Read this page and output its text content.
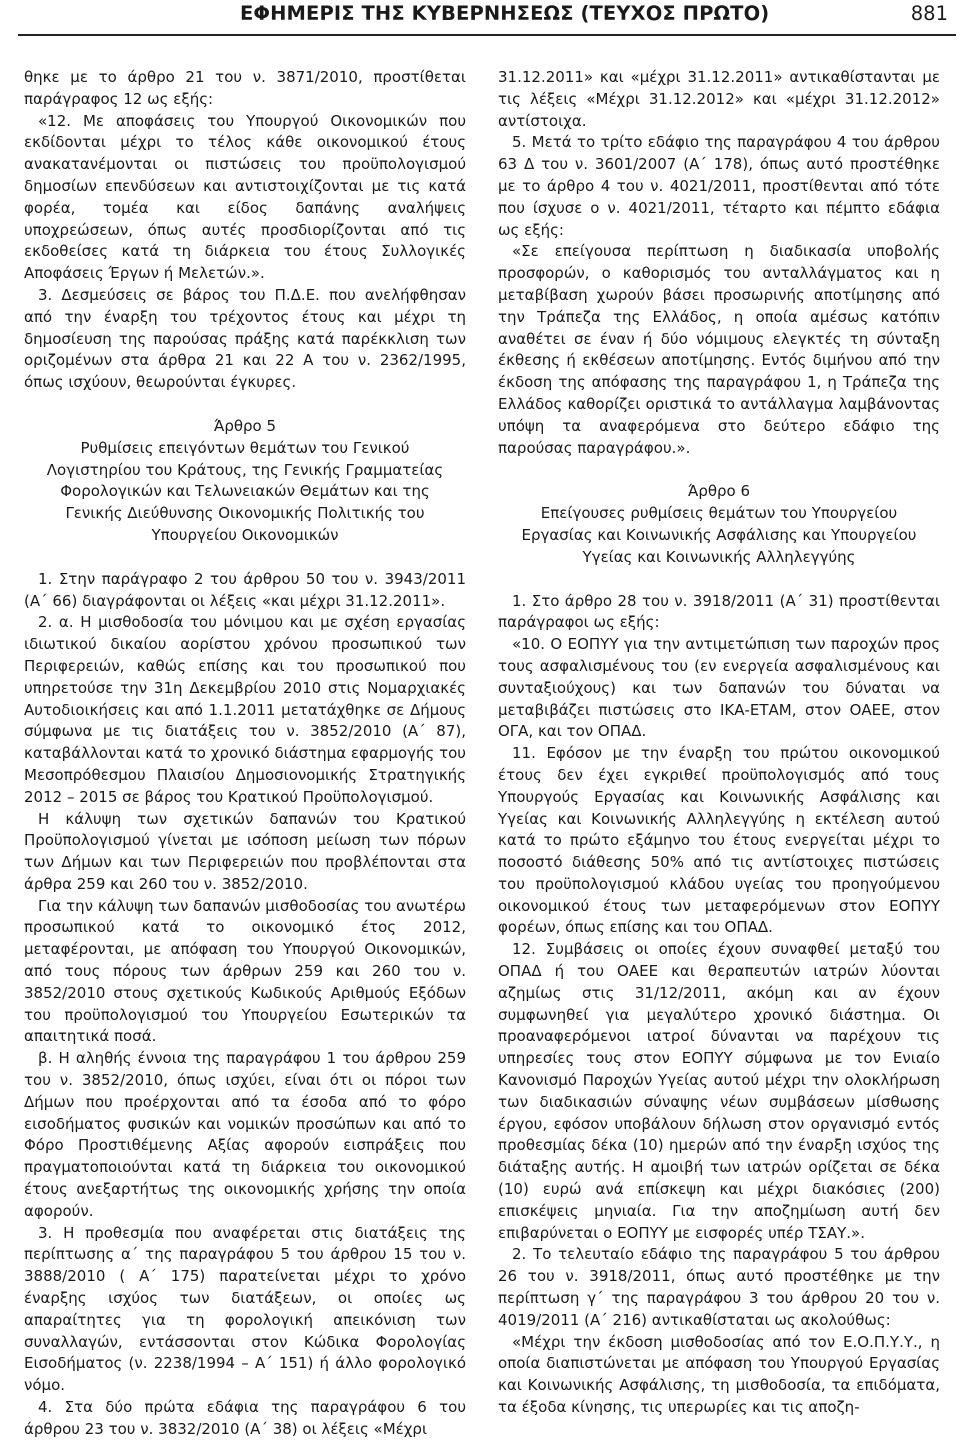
ΕΦΗΜΕΡΙΣ ΤΗΣ ΚΥΒΕΡΝΗΣΕΩΣ (ΤΕΥΧΟΣ ΠΡΩΤΟ)	881

θηκε με το άρθρο 21 του ν. 3871/2010, προστίθεται παράγραφος 12 ως εξής:

«12. Με αποφάσεις του Υπουργού Οικονομικών που εκδίδονται μέχρι το τέλος κάθε οικονομικού έτους ανακατανέμονται οι πιστώσεις του προϋπολογισμού δημοσίων επενδύσεων και αντιστοιχίζονται με τις κατά φορέα, τομέα και είδος δαπάνης αναλήψεις υποχρεώσεων, όπως αυτές προσδιορίζονται από τις εκδοθείσες κατά τη διάρκεια του έτους Συλλογικές Αποφάσεις Έργων ή Μελετών.».

3. Δεσμεύσεις σε βάρος του Π.Δ.Ε. που ανελήφθησαν από την έναρξη του τρέχοντος έτους και μέχρι τη δημοσίευση της παρούσας πράξης κατά παρέκκλιση των οριζομένων στα άρθρα 21 και 22 Α του ν. 2362/1995, όπως ισχύουν, θεωρούνται έγκυρες.

Άρθρο 5

Ρυθμίσεις επειγόντων θεμάτων του Γενικού Λογιστηρίου του Κράτους, της Γενικής Γραμματείας Φορολογικών και Τελωνειακών Θεμάτων και της Γενικής Διεύθυνσης Οικονομικής Πολιτικής του Υπουργείου Οικονομικών

1. Στην παράγραφο 2 του άρθρου 50 του ν. 3943/2011 (Α΄ 66) διαγράφονται οι λέξεις «και μέχρι 31.12.2011».

2. α. Η μισθοδοσία του μόνιμου και με σχέση εργασίας ιδιωτικού δικαίου αορίστου χρόνου προσωπικού των Περιφερειών, καθώς επίσης και του προσωπικού που υπηρετούσε την 31η Δεκεμβρίου 2010 στις Νομαρχιακές Αυτοδιοικήσεις και από 1.1.2011 μετατάχθηκε σε Δήμους σύμφωνα με τις διατάξεις του ν. 3852/2010 (Α΄ 87), καταβάλλονται κατά το χρονικό διάστημα εφαρμογής του Μεσοπρόθεσμου Πλαισίου Δημοσιονομικής Στρατηγικής 2012 – 2015 σε βάρος του Κρατικού Προϋπολογισμού.

Η κάλυψη των σχετικών δαπανών του Κρατικού Προϋπολογισμού γίνεται με ισόποση μείωση των πόρων των Δήμων και των Περιφερειών που προβλέπονται στα άρθρα 259 και 260 του ν. 3852/2010.

Για την κάλυψη των δαπανών μισθοδοσίας του ανωτέρω προσωπικού κατά το οικονομικό έτος 2012, μεταφέρονται, με απόφαση του Υπουργού Οικονομικών, από τους πόρους των άρθρων 259 και 260 του ν. 3852/2010 στους σχετικούς Κωδικούς Αριθμούς Εξόδων του προϋπολογισμού του Υπουργείου Εσωτερικών τα απαιτητικά ποσά.

β. Η αληθής έννοια της παραγράφου 1 του άρθρου 259 του ν. 3852/2010, όπως ισχύει, είναι ότι οι πόροι των Δήμων που προέρχονται από τα έσοδα από το φόρο εισοδήματος φυσικών και νομικών προσώπων και από το Φόρο Προστιθέμενης Αξίας αφορούν εισπράξεις που πραγματοποιούνται κατά τη διάρκεια του οικονομικού έτους ανεξαρτήτως της οικονομικής χρήσης την οποία αφορούν.

3. Η προθεσμία που αναφέρεται στις διατάξεις της περίπτωσης α΄ της παραγράφου 5 του άρθρου 15 του ν. 3888/2010 ( Α΄ 175) παρατείνεται μέχρι το χρόνο έναρξης ισχύος των διατάξεων, οι οποίες ως απαραίτητες για τη φορολογική απεικόνιση των συναλλαγών, εντάσσονται στον Κώδικα Φορολογίας Εισοδήματος (ν. 2238/1994 – Α΄ 151) ή άλλο φορολογικό νόμο.

4. Στα δύο πρώτα εδάφια της παραγράφου 6 του άρθρου 23 του ν. 3832/2010 (Α΄ 38) οι λέξεις «Μέχρι

31.12.2011» και «μέχρι 31.12.2011» αντικαθίστανται με τις λέξεις «Μέχρι 31.12.2012» και «μέχρι 31.12.2012» αντίστοιχα.

5. Μετά το τρίτο εδάφιο της παραγράφου 4 του άρθρου 63 Δ του ν. 3601/2007 (Α΄ 178), όπως αυτό προστέθηκε με το άρθρο 4 του ν. 4021/2011, προστίθενται από τότε που ίσχυσε ο ν. 4021/2011, τέταρτο και πέμπτο εδάφια ως εξής:

«Σε επείγουσα περίπτωση η διαδικασία υποβολής προσφορών, ο καθορισμός του ανταλλάγματος και η μεταβίβαση χωρούν βάσει προσωρινής αποτίμησης από την Τράπεζα της Ελλάδος, η οποία αμέσως κατόπιν αναθέτει σε έναν ή δύο νόμιμους ελεγκτές τη σύνταξη έκθεσης ή εκθέσεων αποτίμησης. Εντός διμήνου από την έκδοση της απόφασης της παραγράφου 1, η Τράπεζα της Ελλάδος καθορίζει οριστικά το αντάλλαγμα λαμβάνοντας υπόψη τα αναφερόμενα στο δεύτερο εδάφιο της παρούσας παραγράφου.».

Άρθρο 6

Επείγουσες ρυθμίσεις θεμάτων του Υπουργείου Εργασίας και Κοινωνικής Ασφάλισης και Υπουργείου Υγείας και Κοινωνικής Αλληλεγγύης

1. Στο άρθρο 28 του ν. 3918/2011 (Α΄ 31) προστίθενται παράγραφοι ως εξής:

«10. Ο ΕΟΠΥΥ για την αντιμετώπιση των παροχών προς τους ασφαλισμένους του (εν ενεργεία ασφαλισμένους και συνταξιούχους) και των δαπανών του δύναται να μεταβιβάζει πιστώσεις στο ΙΚΑ-ΕΤΑΜ, στον ΟΑΕΕ, στον ΟΓΑ, και τον ΟΠΑΔ.

11. Εφόσον με την έναρξη του πρώτου οικονομικού έτους δεν έχει εγκριθεί προϋπολογισμός από τους Υπουργούς Εργασίας και Κοινωνικής Ασφάλισης και Υγείας και Κοινωνικής Αλληλεγγύης η εκτέλεση αυτού κατά το πρώτο εξάμηνο του έτους ενεργείται μέχρι το ποσοστό διάθεσης 50% από τις αντίστοιχες πιστώσεις του προϋπολογισμού κλάδου υγείας του προηγούμενου οικονομικού έτους των μεταφερόμενων στον ΕΟΠΥΥ φορέων, όπως επίσης και του ΟΠΑΔ.

12. Συμβάσεις οι οποίες έχουν συναφθεί μεταξύ του ΟΠΑΔ ή του ΟΑΕΕ και θεραπευτών ιατρών λύονται αζημίως στις 31/12/2011, ακόμη και αν έχουν συμφωνηθεί για μεγαλύτερο χρονικό διάστημα. Οι προαναφερόμενοι ιατροί δύνανται να παρέχουν τις υπηρεσίες τους στον ΕΟΠΥΥ σύμφωνα με τον Ενιαίο Κανονισμό Παροχών Υγείας αυτού μέχρι την ολοκλήρωση των διαδικασιών σύναψης νέων συμβάσεων μίσθωσης έργου, εφόσον υποβάλουν δήλωση στον οργανισμό εντός προθεσμίας δέκα (10) ημερών από την έναρξη ισχύος της διάταξης αυτής. Η αμοιβή των ιατρών ορίζεται σε δέκα (10) ευρώ ανά επίσκεψη και μέχρι διακόσιες (200) επισκέψεις μηνιαία. Για την αποζημίωση αυτή δεν επιβαρύνεται ο ΕΟΠΥΥ με εισφορές υπέρ ΤΣΑΥ.».

2. Το τελευταίο εδάφιο της παραγράφου 5 του άρθρου 26 του ν. 3918/2011, όπως αυτό προστέθηκε με την περίπτωση γ΄ της παραγράφου 3 του άρθρου 20 του ν. 4019/2011 (Α΄ 216) αντικαθίσταται ως ακολούθως:

«Μέχρι την έκδοση μισθοδοσίας από τον Ε.Ο.Π.Υ.Υ., η οποία διαπιστώνεται με απόφαση του Υπουργού Εργασίας και Κοινωνικής Ασφάλισης, τη μισθοδοσία, τα επιδόματα, τα έξοδα κίνησης, τις υπερωρίες και τις αποζη-
